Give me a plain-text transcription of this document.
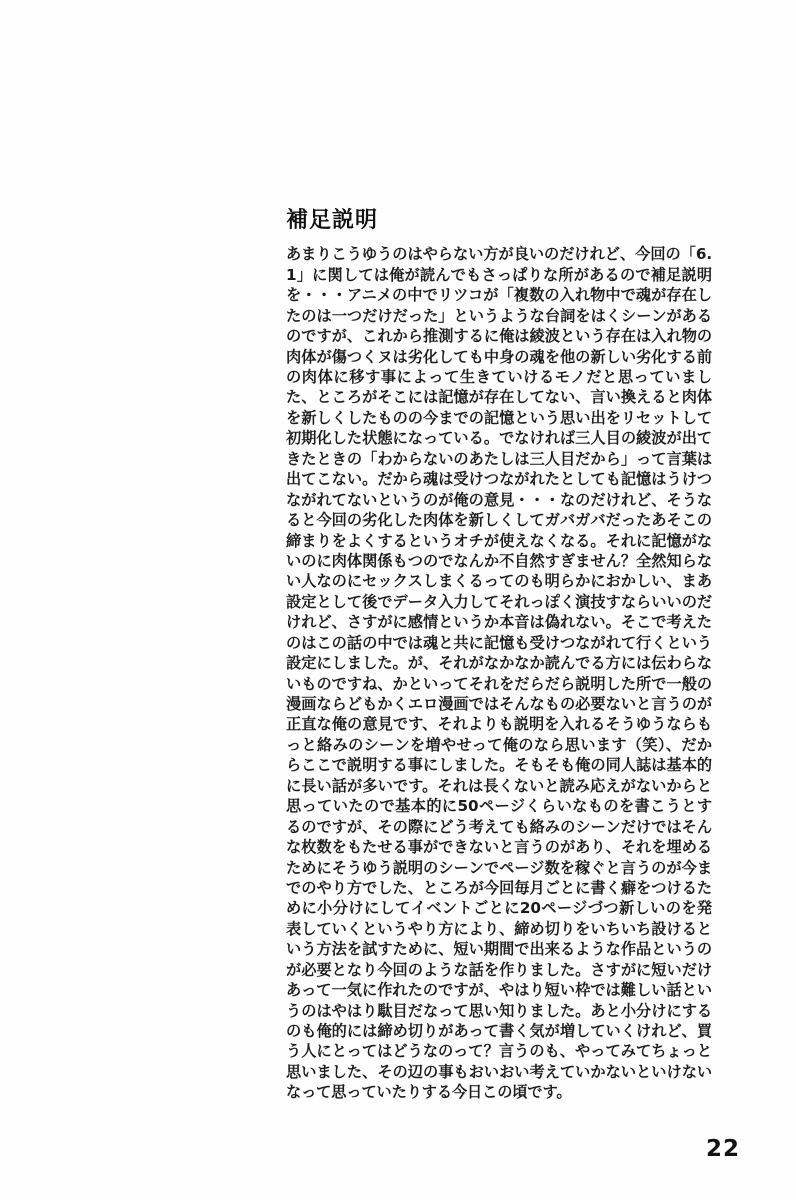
補足説明
あまりこうゆうのはやらない方が良いのだけれど、今回の「6.1」に関しては俺が読んでもさっぱりな所があるので補足説明を・・・アニメの中でリツコが「複数の入れ物中で魂が存在したのは一つだけだった」というような台詞をはくシーンがあるのですが、これから推測するに俺は綾波という存在は入れ物の肉体が傷つくヌは劣化しても中身の魂を他の新しい劣化する前の肉体に移す事によって生きていけるモノだと思っていました、ところがそこには記憶が存在してない、言い換えると肉体を新しくしたものの今までの記憶という思い出をリセットして初期化した状態になっている。でなければ三人目の綾波が出てきたときの「わからないのあたしは三人目だから」って言葉は出てこない。だから魂は受けつながれたとしても記憶はうけつながれてないというのが俺の意見・・・なのだけれど、そうなると今回の劣化した肉体を新しくしてガバガバだったあそこの締まりをよくするというオチが使えなくなる。それに記憶がないのに肉体関係もつのでなんか不自然すぎません？全然知らない人なのにセックスしまくるってのも明らかにおかしい、まあ設定として後でデータ入力してそれっぽく演技すならいいのだけれど、さすがに感情というか本音は偽れない。そこで考えたのはこの話の中では魂と共に記憶も受けつながれて行くという設定にしました。が、それがなかなか読んでる方には伝わらないものですね、かといってそれをだらだら説明した所で一般の漫画ならどもかくエロ漫画ではそんなもの必要ないと言うのが正直な俺の意見です、それよりも説明を入れるそうゆうならもっと絡みのシーンを増やせって俺のなら思います（笑）、だからここで説明する事にしました。そもそも俺の同人誌は基本的に長い話が多いです。それは長くないと読み応えがないからと思っていたので基本的に50ページくらいなものを書こうとするのですが、その際にどう考えても絡みのシーンだけではそんな枚数をもたせる事ができないと言うのがあり、それを埋めるためにそうゆう説明のシーンでページ数を稼ぐと言うのが今までのやり方でした、ところが今回毎月ごとに書く癖をつけるために小分けにしてイベントごとに20ページづつ新しいのを発表していくというやり方により、締め切りをいちいち設けるという方法を試すために、短い期間で出来るような作品というのが必要となり今回のような話を作りました。さすがに短いだけあって一気に作れたのですが、やはり短い枠では難しい話というのはやはり駄目だなって思い知りました。あと小分けにするのも俺的には締め切りがあって書く気が増していくけれど、買う人にとってはどうなのって？言うのも、やってみてちょっと思いました、その辺の事もおいおい考えていかないといけないなって思っていたりする今日この頃です。
22
